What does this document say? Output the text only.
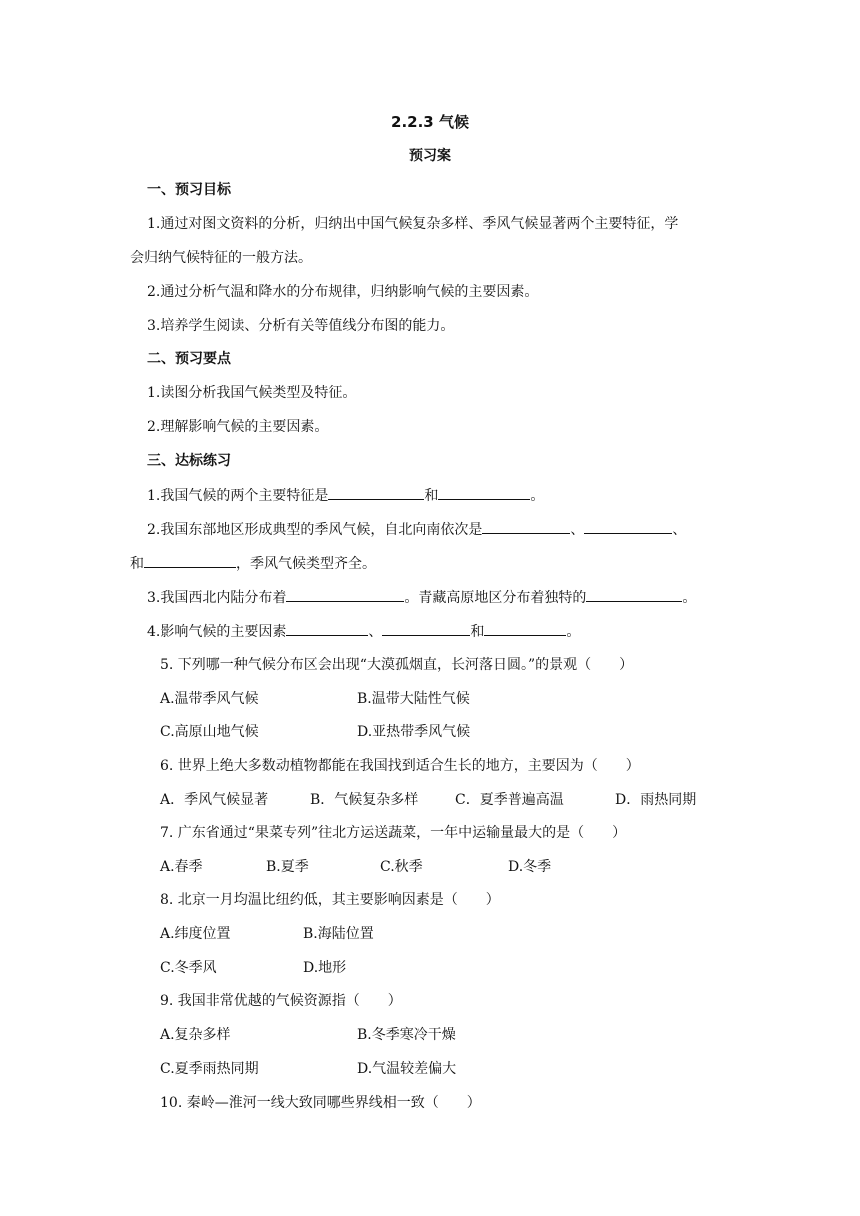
2.2.3 气候
预习案
一、预习目标
1.通过对图文资料的分析，归纳出中国气候复杂多样、季风气候显著两个主要特征，学
会归纳气候特征的一般方法。
2.通过分析气温和降水的分布规律，归纳影响气候的主要因素。
3.培养学生阅读、分析有关等值线分布图的能力。
二、预习要点
1.读图分析我国气候类型及特征。
2.理解影响气候的主要因素。
三、达标练习
1.我国气候的两个主要特征是	和	。
2.我国东部地区形成典型的季风气候，自北向南依次是	、	、
和	，季风气候类型齐全。
3.我国西北内陆分布着	。青藏高原地区分布着独特的	。
4.影响气候的主要因素	、	和	。
5. 下列哪一种气候分布区会出现“大漠孤烟直，长河落日圆。”的景观（　　）
A.温带季风气候	B.温带大陆性气候
C.高原山地气候	D.亚热带季风气候
6. 世界上绝大多数动植物都能在我国找到适合生长的地方，主要因为（　　）
A．季风气候显著	B．气候复杂多样	C．夏季普遍高温	D．雨热同期
7. 广东省通过“果菜专列”往北方运送蔬菜，一年中运输量最大的是（　　）
A.春季	B.夏季	C.秋季	D.冬季
8. 北京一月均温比纽约低，其主要影响因素是（　　）
A.纬度位置	B.海陆位置
C.冬季风	D.地形
9. 我国非常优越的气候资源指（　　）
A.复杂多样	B.冬季寒冷干燥
C.夏季雨热同期	D.气温较差偏大
10. 秦岭—淮河一线大致同哪些界线相一致（　　）
